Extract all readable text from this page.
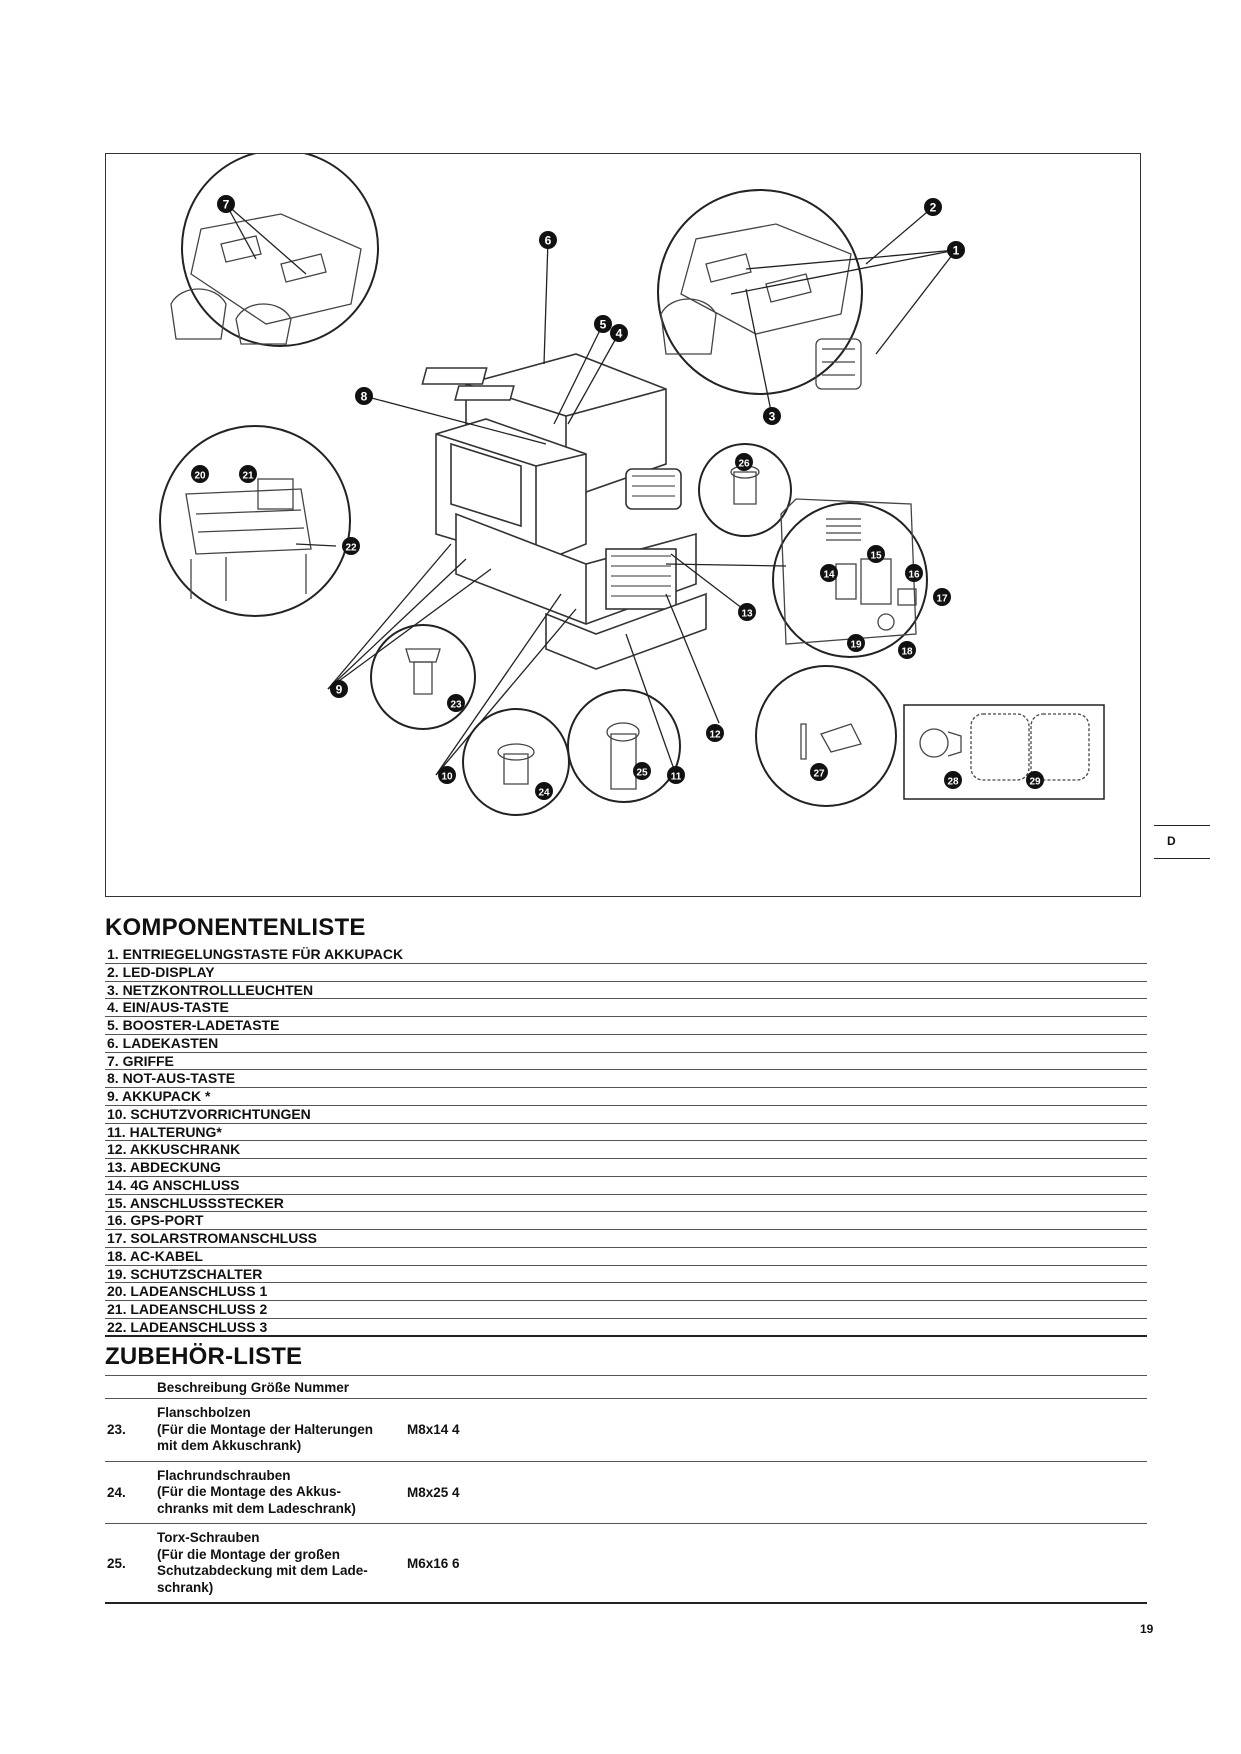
7
6
5
4
8
2
1
3
20	21
22
26
15
14	16
17
13
19
18
9
23
12
10	25 11
24
27
28	29
D
KOMPONENTENLISTE
1. ENTRIEGELUNGSTASTE FÜR AKKUPACK
2. LED-DISPLAY
3. NETZKONTROLLLEUCHTEN
4. EIN/AUS-TASTE
5. BOOSTER-LADETASTE
6. LADEKASTEN
7. GRIFFE
8. NOT-AUS-TASTE
9. AKKUPACK *
10. SCHUTZVORRICHTUNGEN
11. HALTERUNG*
12. AKKUSCHRANK
13. ABDECKUNG
14. 4G ANSCHLUSS
15. ANSCHLUSSSTECKER
16. GPS-PORT
17. SOLARSTROMANSCHLUSS
18. AC-KABEL
19. SCHUTZSCHALTER
20. LADEANSCHLUSS 1
21. LADEANSCHLUSS 2
22. LADEANSCHLUSS 3
ZUBEHÖR-LISTE
	Beschreibung Größe Nummer	
23.	Flanschbolzen
(Für die Montage der Halterungen
mit dem Akkuschrank)	M8x14 4
24.	Flachrundschrauben
(Für die Montage des Akkus-
chranks mit dem Ladeschrank)	M8x25 4
25.	Torx-Schrauben
(Für die Montage der großen
Schutzabdeckung mit dem Lade-
schrank)	M6x16 6
19
